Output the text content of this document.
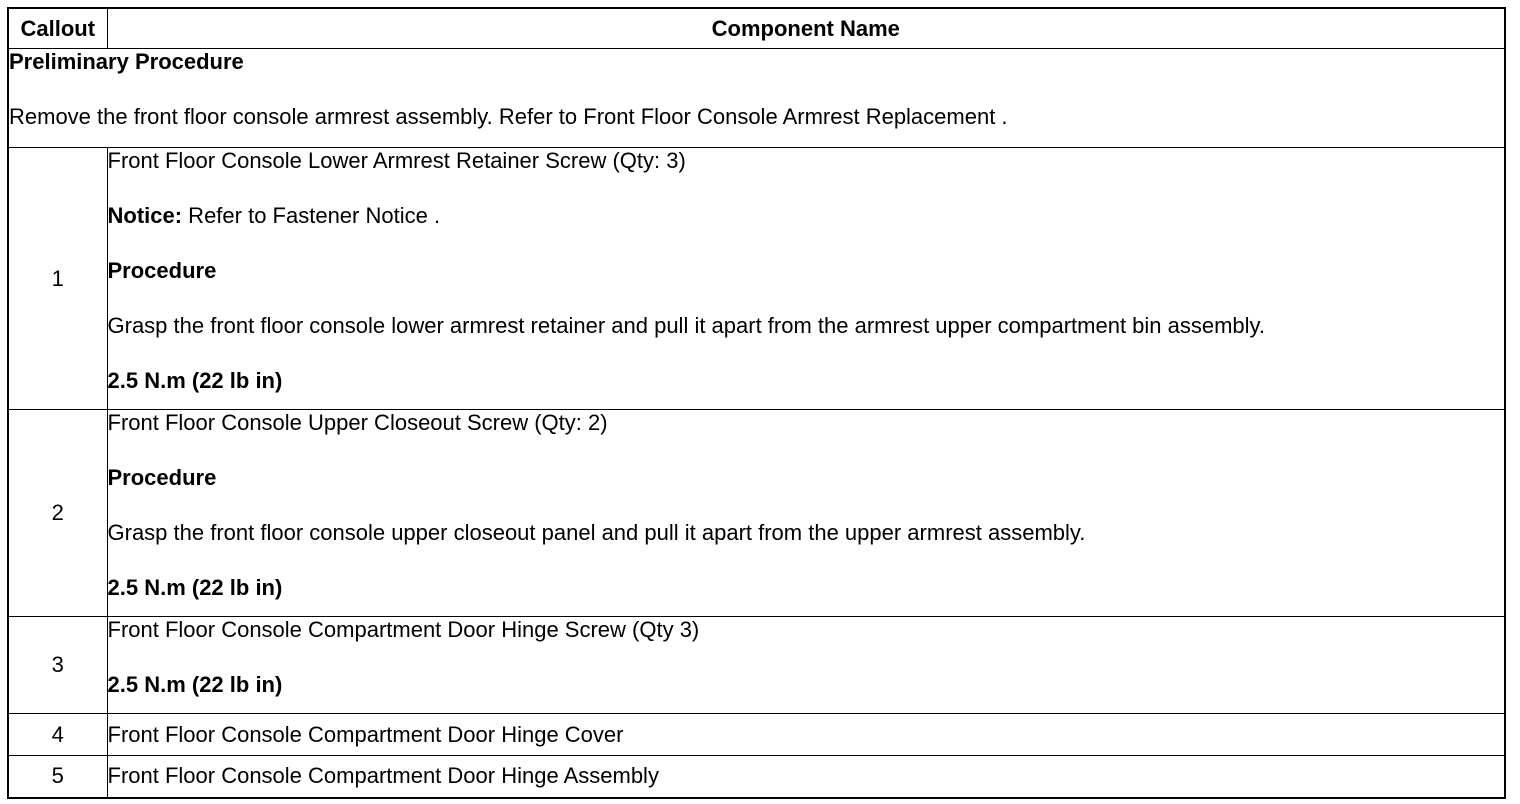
Callout	Component Name

Preliminary Procedure

Remove the front floor console armrest assembly. Refer to Front Floor Console Armrest Replacement .	

1	Front Floor Console Lower Armrest Retainer Screw (Qty: 3)

Notice: Refer to Fastener Notice .

Procedure

Grasp the front floor console lower armrest retainer and pull it apart from the armrest upper compartment bin assembly.

2.5 N.m (22 lb in)

2	Front Floor Console Upper Closeout Screw (Qty: 2)

Procedure

Grasp the front floor console upper closeout panel and pull it apart from the upper armrest assembly.

2.5 N.m (22 lb in)

3	Front Floor Console Compartment Door Hinge Screw (Qty 3)

2.5 N.m (22 lb in)

4	Front Floor Console Compartment Door Hinge Cover

5	Front Floor Console Compartment Door Hinge Assembly
